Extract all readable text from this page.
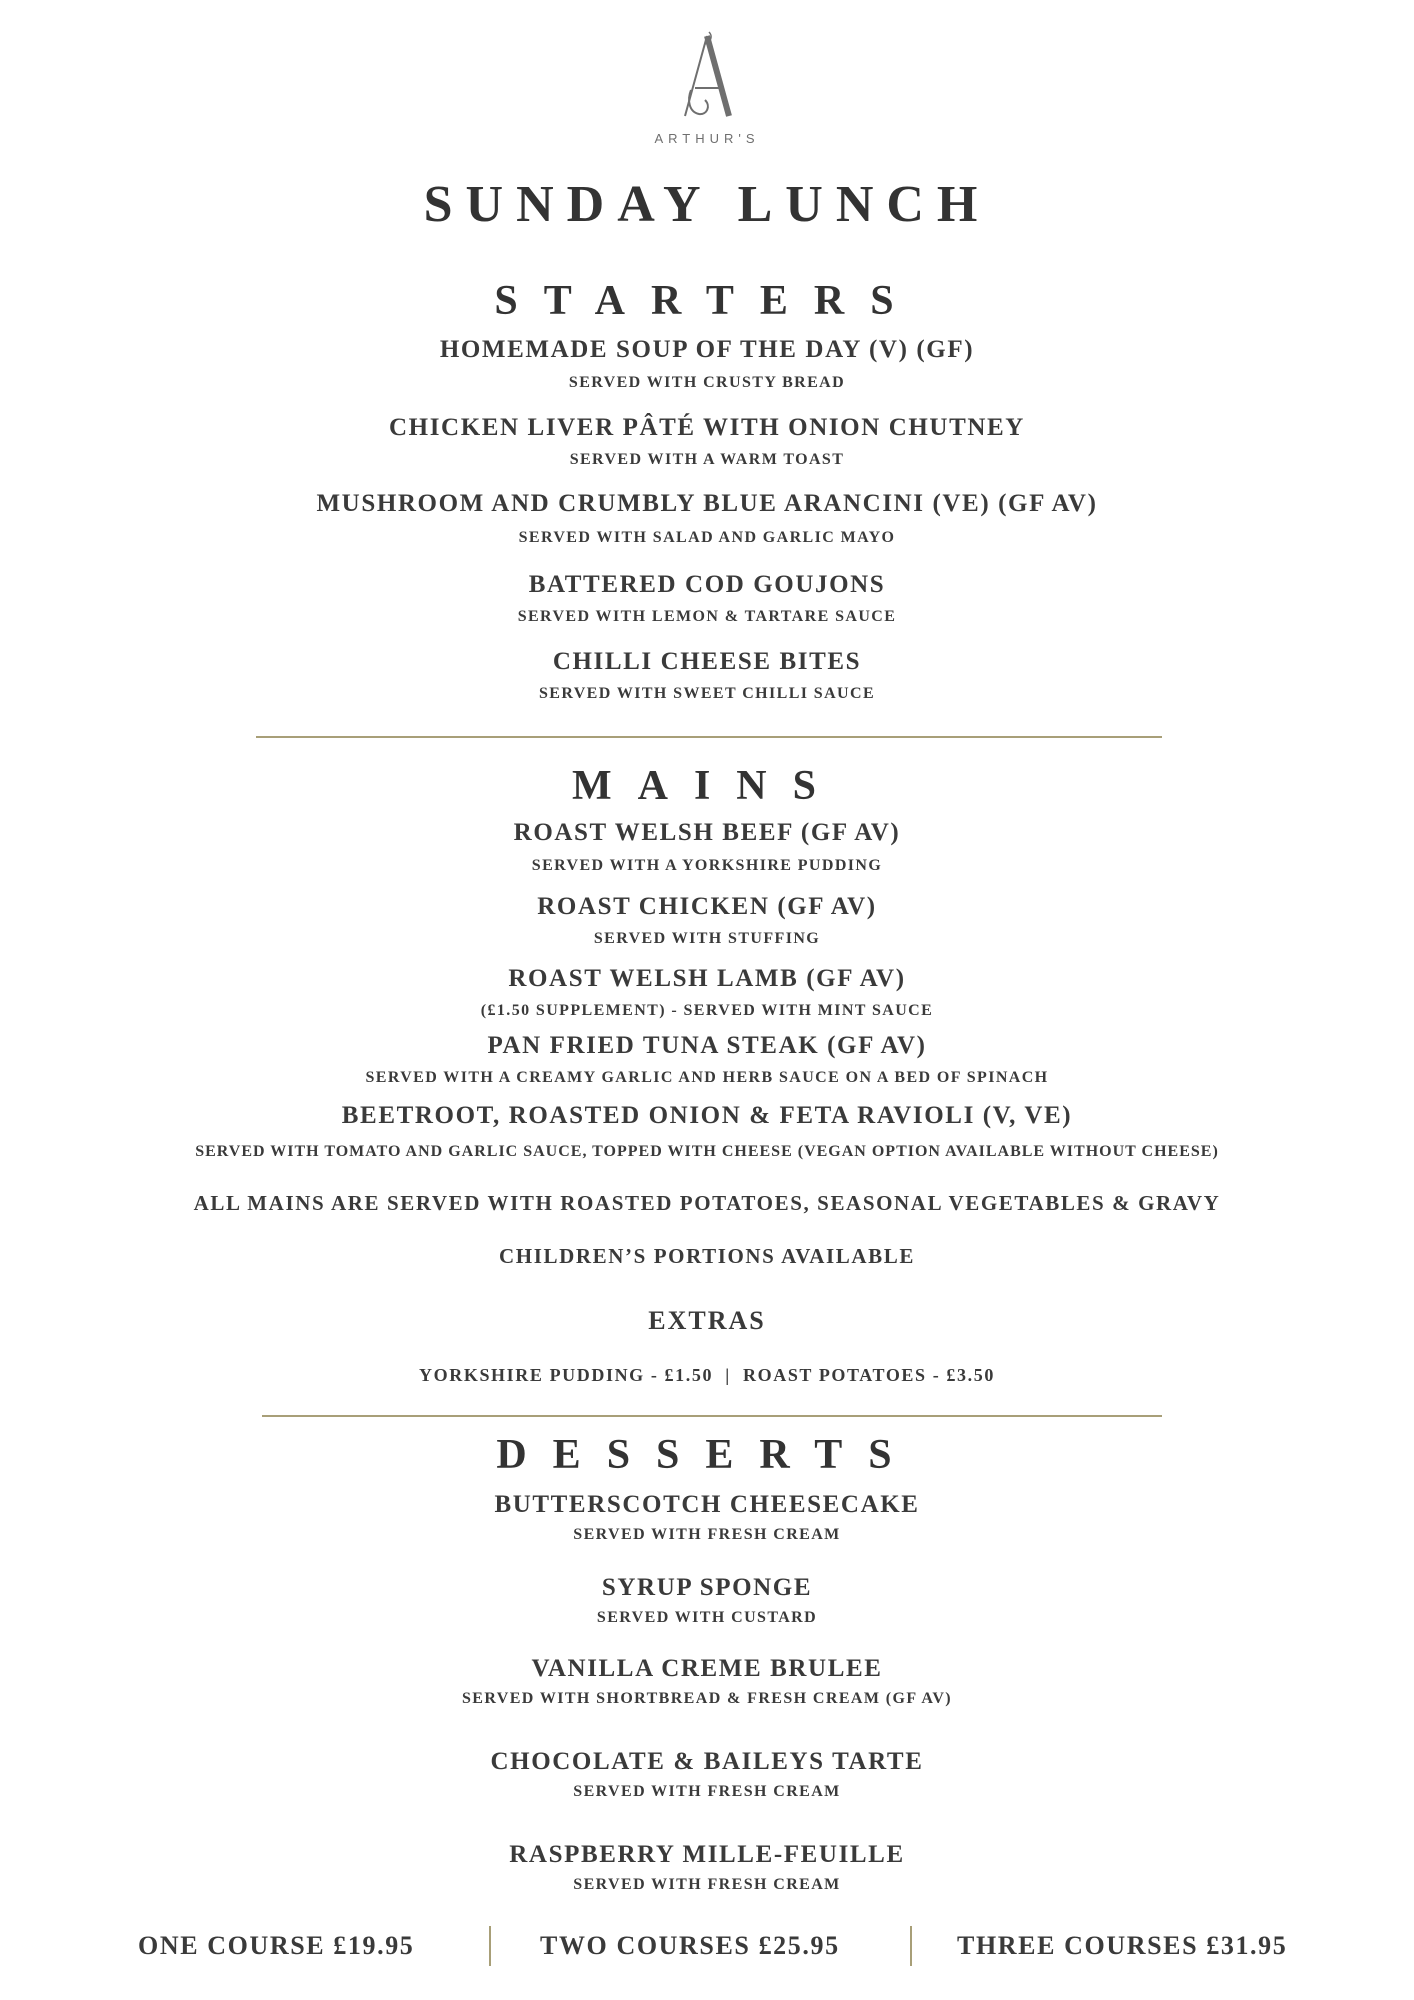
ARTHUR'S
SUNDAY LUNCH
STARTERS
HOMEMADE SOUP OF THE DAY (V) (GF)
SERVED WITH CRUSTY BREAD
CHICKEN LIVER PÂTÉ WITH ONION CHUTNEY
SERVED WITH A WARM TOAST
MUSHROOM AND CRUMBLY BLUE ARANCINI (VE) (GF AV)
SERVED WITH SALAD AND GARLIC MAYO
BATTERED COD GOUJONS
SERVED WITH LEMON & TARTARE SAUCE
CHILLI CHEESE BITES
SERVED WITH SWEET CHILLI SAUCE
MAINS
ROAST WELSH BEEF (GF AV)
SERVED WITH A YORKSHIRE PUDDING
ROAST CHICKEN (GF AV)
SERVED WITH STUFFING
ROAST WELSH LAMB (GF AV)
(£1.50 SUPPLEMENT) - SERVED WITH MINT SAUCE
PAN FRIED TUNA STEAK (GF AV)
SERVED WITH A CREAMY GARLIC AND HERB SAUCE ON A BED OF SPINACH
BEETROOT, ROASTED ONION & FETA RAVIOLI (V, VE)
SERVED WITH TOMATO AND GARLIC SAUCE, TOPPED WITH CHEESE (VEGAN OPTION AVAILABLE WITHOUT CHEESE)
ALL MAINS ARE SERVED WITH ROASTED POTATOES, SEASONAL VEGETABLES & GRAVY
CHILDREN’S PORTIONS AVAILABLE
EXTRAS
YORKSHIRE PUDDING - £1.50  |  ROAST POTATOES - £3.50
DESSERTS
BUTTERSCOTCH CHEESECAKE
SERVED WITH FRESH CREAM
SYRUP SPONGE
SERVED WITH CUSTARD
VANILLA CREME BRULEE
SERVED WITH SHORTBREAD & FRESH CREAM (GF AV)
CHOCOLATE & BAILEYS TARTE
SERVED WITH FRESH CREAM
RASPBERRY MILLE-FEUILLE
SERVED WITH FRESH CREAM
ONE COURSE £19.95	TWO COURSES £25.95	THREE COURSES £31.95
